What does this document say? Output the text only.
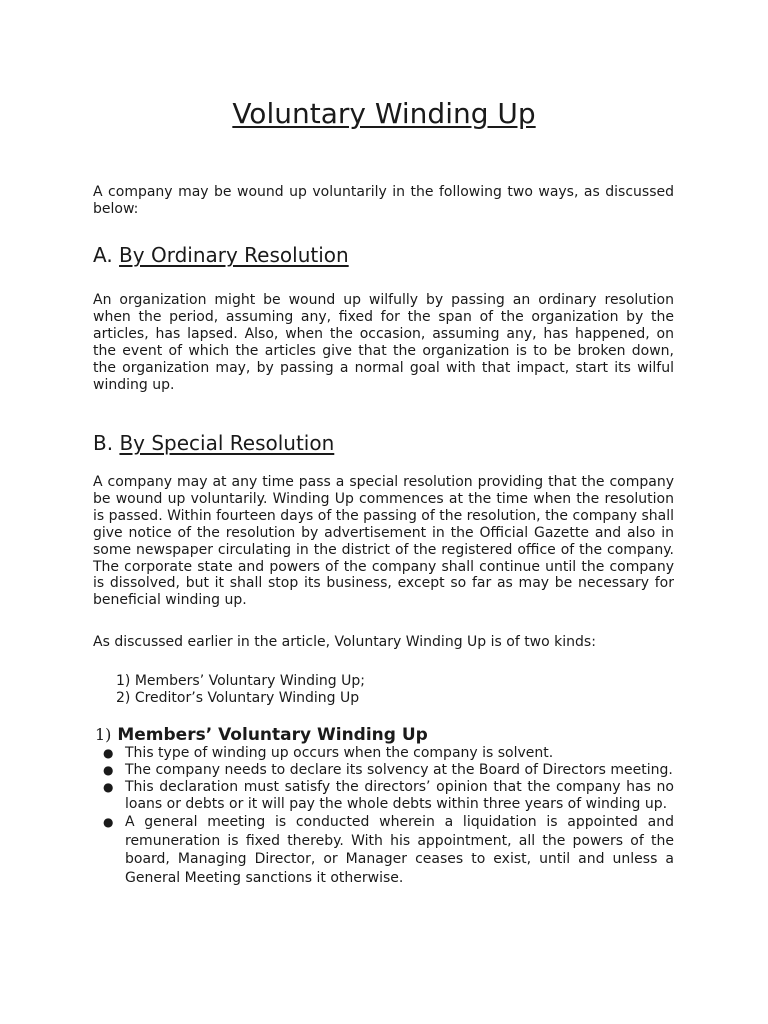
Voluntary Winding Up

A company may be wound up voluntarily in the following two ways, as discussed below:

A. By Ordinary Resolution

An organization might be wound up wilfully by passing an ordinary resolution when the period, assuming any, fixed for the span of the organization by the articles, has lapsed. Also, when the occasion, assuming any, has happened, on the event of which the articles give that the organization is to be broken down, the organization may, by passing a normal goal with that impact, start its wilful winding up.

B. By Special Resolution

A company may at any time pass a special resolution providing that the company be wound up voluntarily. Winding Up commences at the time when the resolution is passed. Within fourteen days of the passing of the resolution, the company shall give notice of the resolution by advertisement in the Official Gazette and also in some newspaper circulating in the district of the registered office of the company. The corporate state and powers of the company shall continue until the company is dissolved, but it shall stop its business, except so far as may be necessary for beneficial winding up.

As discussed earlier in the article, Voluntary Winding Up is of two kinds:

1) Members’ Voluntary Winding Up;
2) Creditor’s Voluntary Winding Up
1) Members’ Voluntary Winding Up
● This type of winding up occurs when the company is solvent.
● The company needs to declare its solvency at the Board of Directors meeting.
● This declaration must satisfy the directors’ opinion that the company has no loans or debts or it will pay the whole debts within three years of winding up.
● A general meeting is conducted wherein a liquidation is appointed and remuneration is fixed thereby. With his appointment, all the powers of the board, Managing Director, or Manager ceases to exist, until and unless a General Meeting sanctions it otherwise.
